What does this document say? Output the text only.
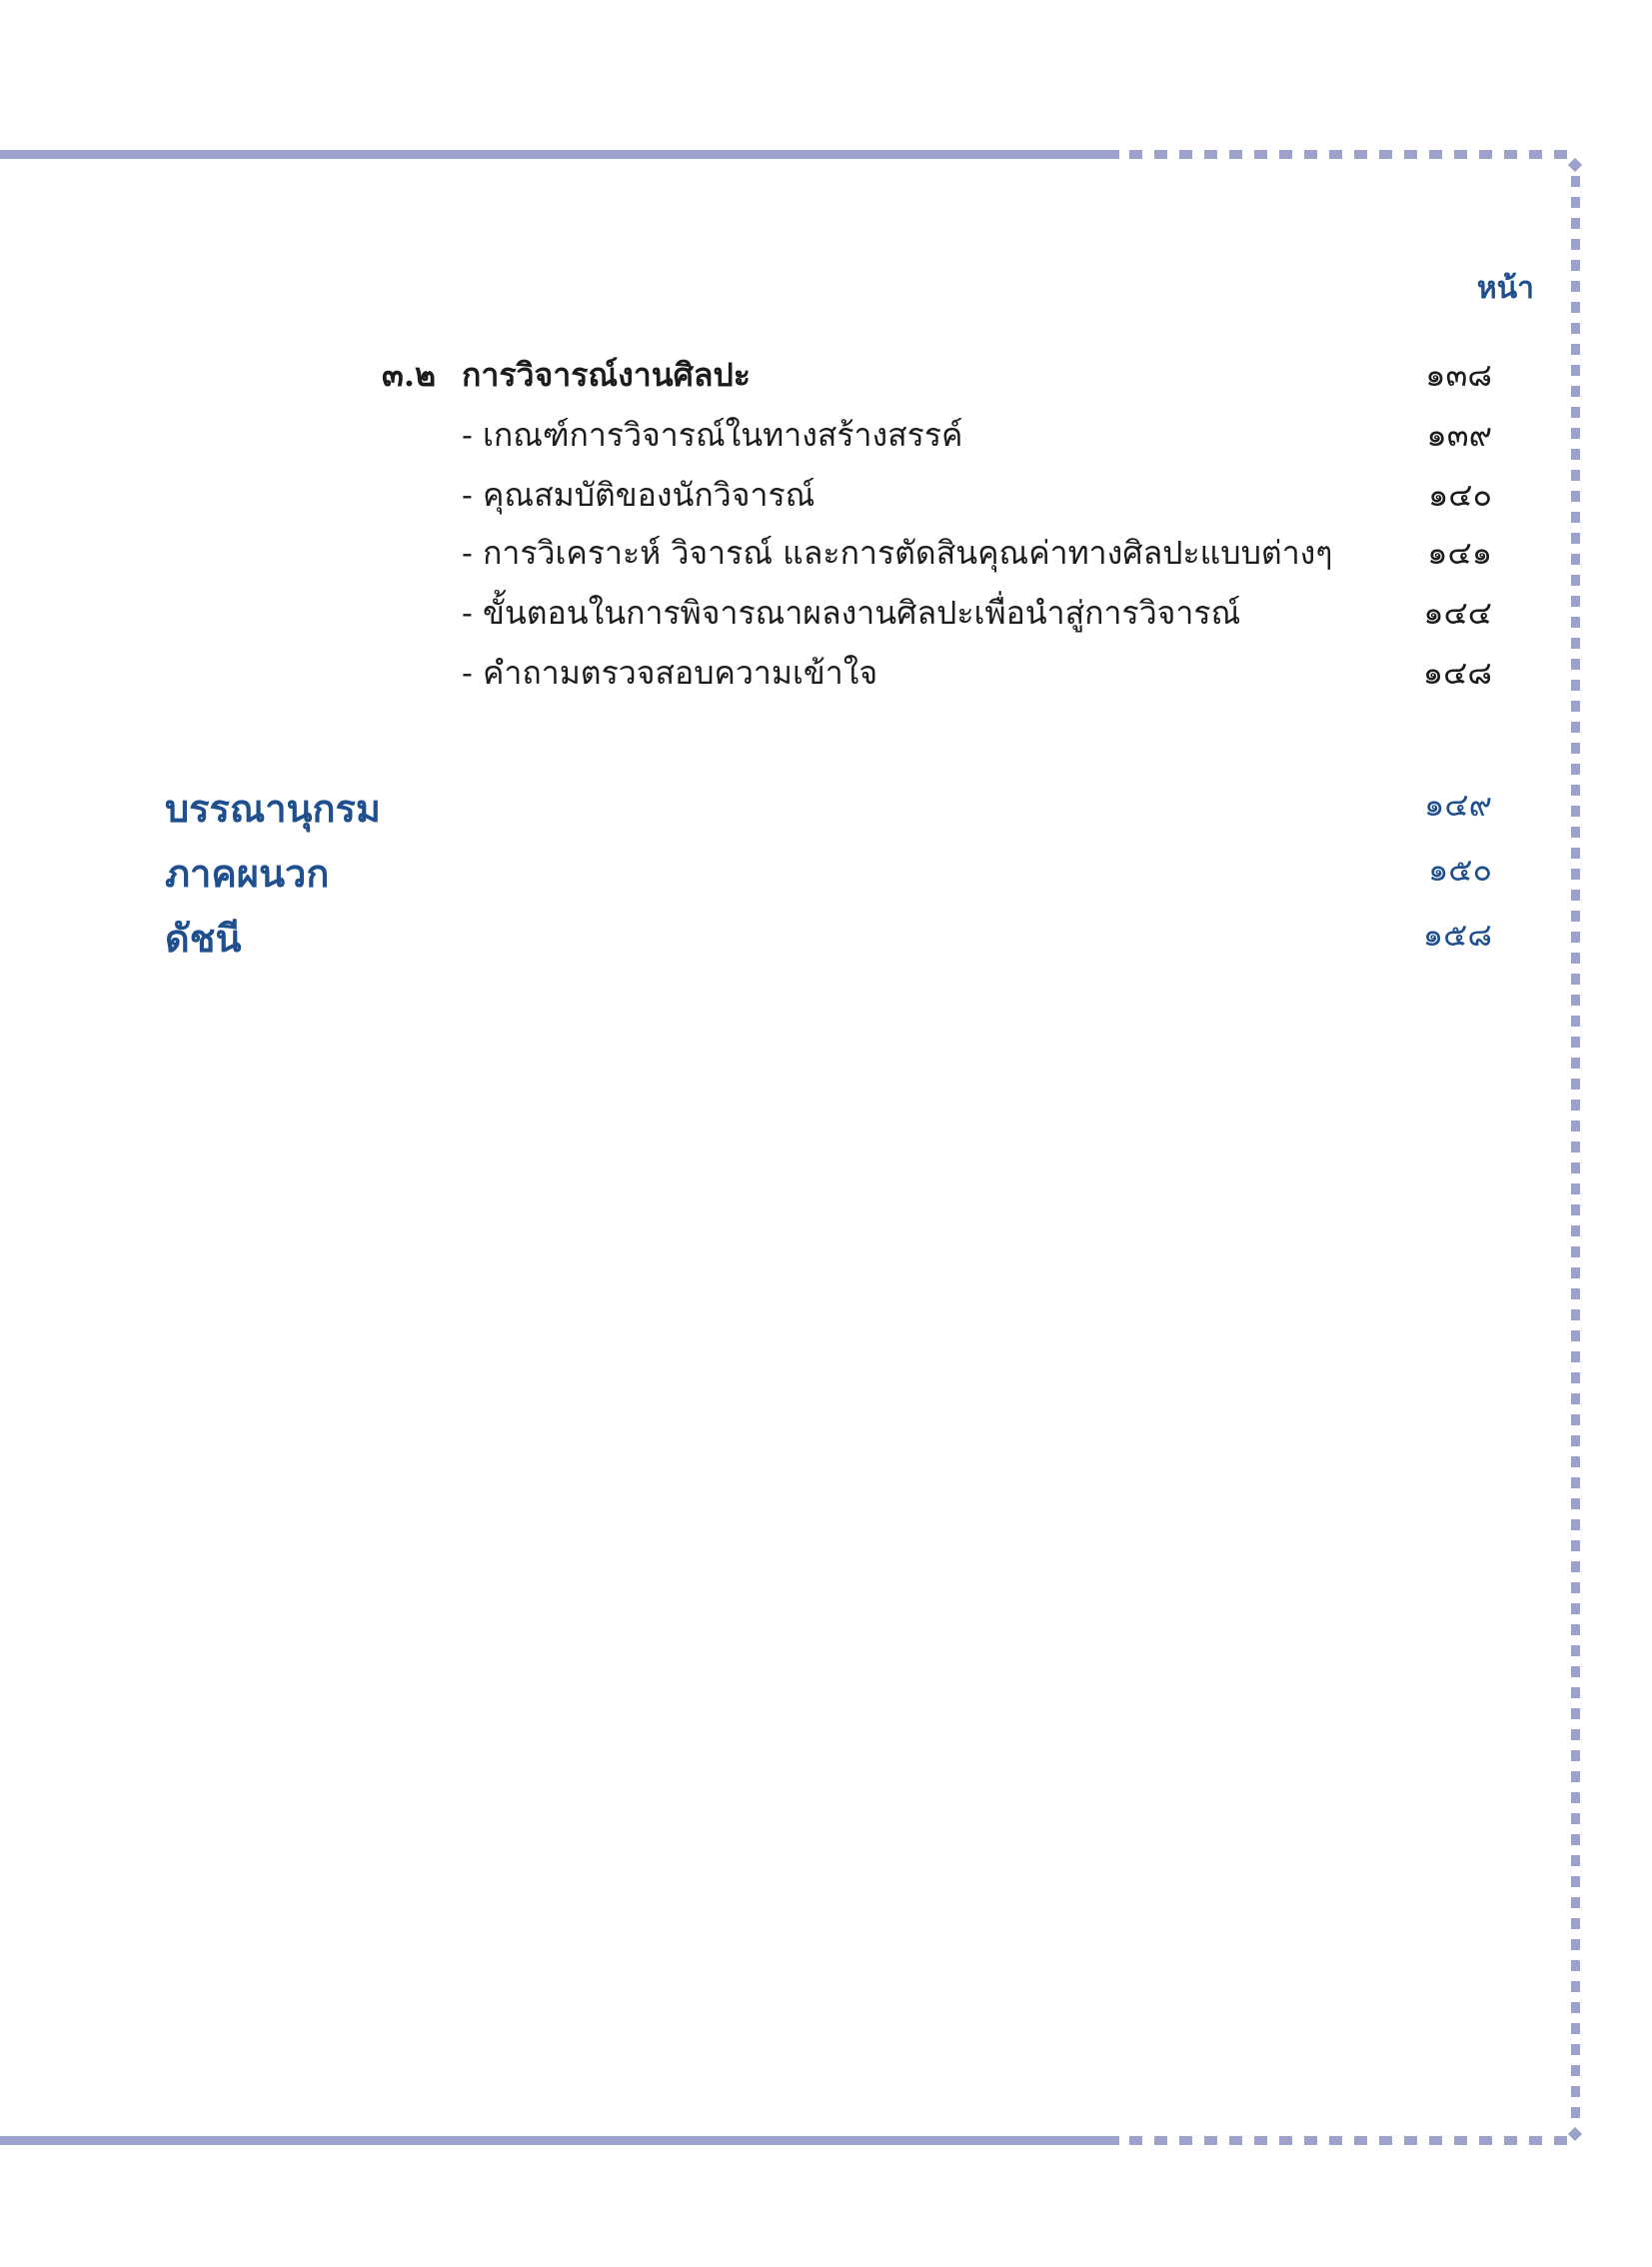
หน้า
๓.๒ การวิจารณ์งานศิลปะ	๑๓๘
- เกณฑ์การวิจารณ์ในทางสร้างสรรค์	๑๓๙
- คุณสมบัติของนักวิจารณ์	๑๔๐
- การวิเคราะห์ วิจารณ์ และการตัดสินคุณค่าทางศิลปะแบบต่างๆ	๑๔๑
- ขั้นตอนในการพิจารณาผลงานศิลปะเพื่อนำสู่การวิจารณ์	๑๔๔
- คำถามตรวจสอบความเข้าใจ	๑๔๘
บรรณานุกรม	๑๔๙
ภาคผนวก	๑๕๐
ดัชนี	๑๕๘
